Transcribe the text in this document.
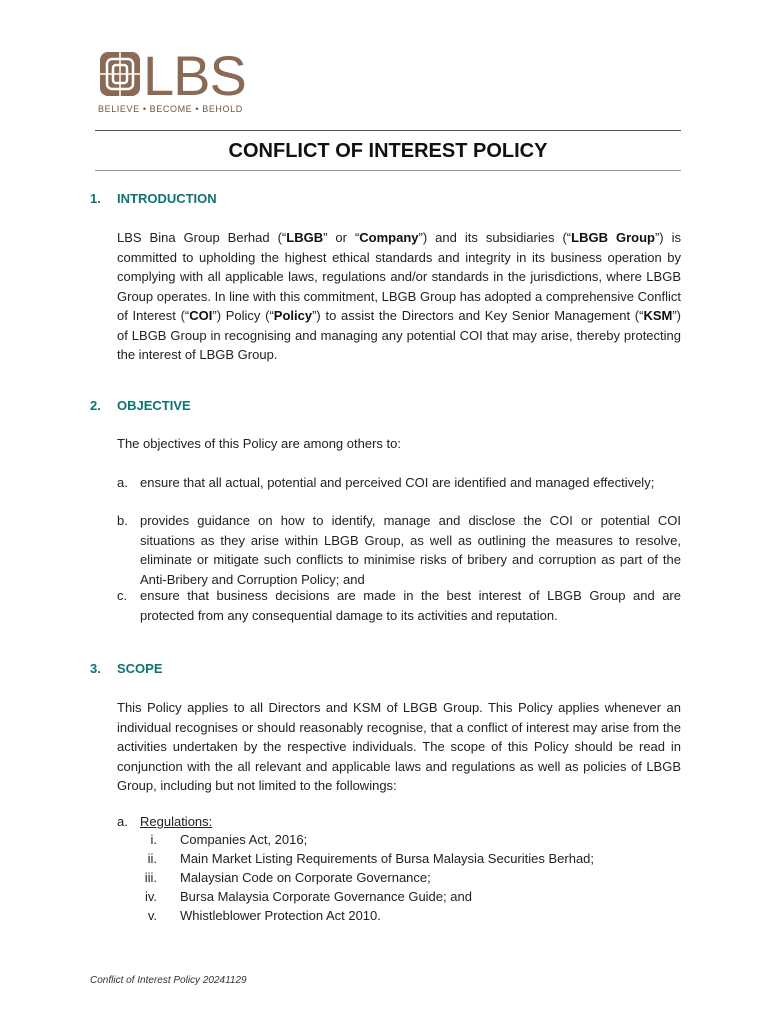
LBS
BELIEVE • BECOME • BEHOLD
CONFLICT OF INTEREST POLICY
1. INTRODUCTION
LBS Bina Group Berhad (“LBGB” or “Company”) and its subsidiaries (“LBGB Group”) is committed to upholding the highest ethical standards and integrity in its business operation by complying with all applicable laws, regulations and/or standards in the jurisdictions, where LBGB Group operates. In line with this commitment, LBGB Group has adopted a comprehensive Conflict of Interest (“COI”) Policy (“Policy”) to assist the Directors and Key Senior Management (“KSM”) of LBGB Group in recognising and managing any potential COI that may arise, thereby protecting the interest of LBGB Group.
2. OBJECTIVE
The objectives of this Policy are among others to:
a. ensure that all actual, potential and perceived COI are identified and managed effectively;
b. provides guidance on how to identify, manage and disclose the COI or potential COI situations as they arise within LBGB Group, as well as outlining the measures to resolve, eliminate or mitigate such conflicts to minimise risks of bribery and corruption as part of the Anti-Bribery and Corruption Policy; and
c. ensure that business decisions are made in the best interest of LBGB Group and are protected from any consequential damage to its activities and reputation.
3. SCOPE
This Policy applies to all Directors and KSM of LBGB Group. This Policy applies whenever an individual recognises or should reasonably recognise, that a conflict of interest may arise from the activities undertaken by the respective individuals. The scope of this Policy should be read in conjunction with the all relevant and applicable laws and regulations as well as policies of LBGB Group, including but not limited to the followings:
a. Regulations:
i. Companies Act, 2016;
ii. Main Market Listing Requirements of Bursa Malaysia Securities Berhad;
iii. Malaysian Code on Corporate Governance;
iv. Bursa Malaysia Corporate Governance Guide; and
v. Whistleblower Protection Act 2010.
Conflict of Interest Policy 20241129
